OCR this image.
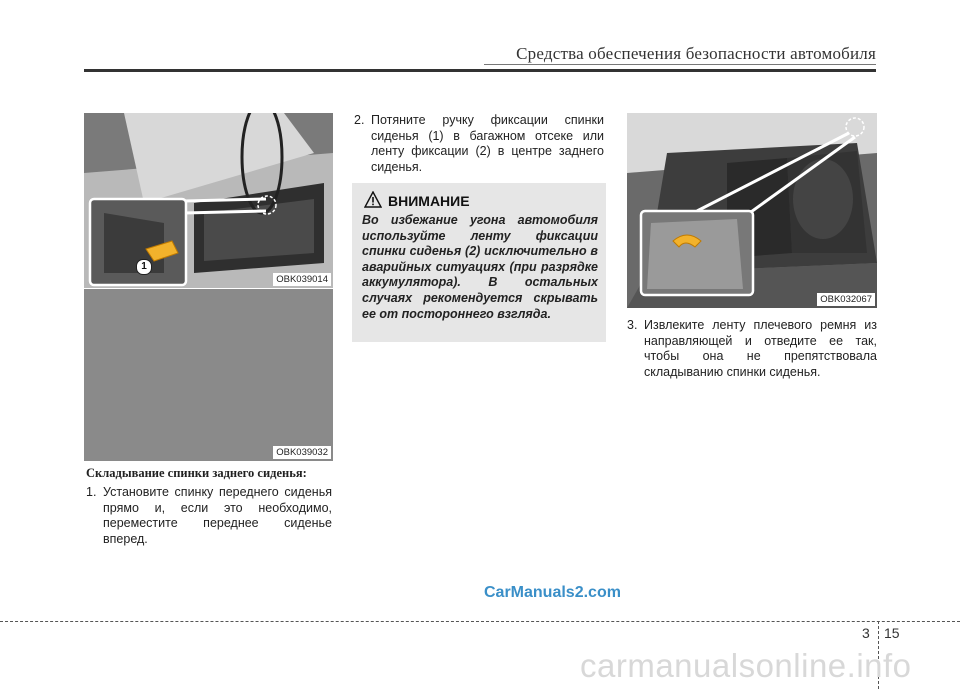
Средства обеспечения безопасности автомобиля
1
OBK039014
OBK039032
Складывание спинки заднего сиденья:
1. Установите спинку переднего сиденья прямо и, если это необходимо, переместите переднее сиденье вперед.
2. Потяните ручку фиксации спинки сиденья (1) в багажном отсеке или ленту фиксации (2) в центре заднего сиденья.
ВНИМАНИЕ
Во избежание угона автомобиля используйте ленту фиксации спинки сиденья (2) исключительно в аварийных ситуациях (при разрядке аккумулятора). В остальных случаях рекомендуется скрывать ее от постороннего взгляда.
OBK032067
3. Извлеките ленту плечевого ремня из направляющей и отведите ее так, чтобы она не препятствовала складыванию спинки сиденья.
CarManuals2.com
3 15
carmanualsonline.info
